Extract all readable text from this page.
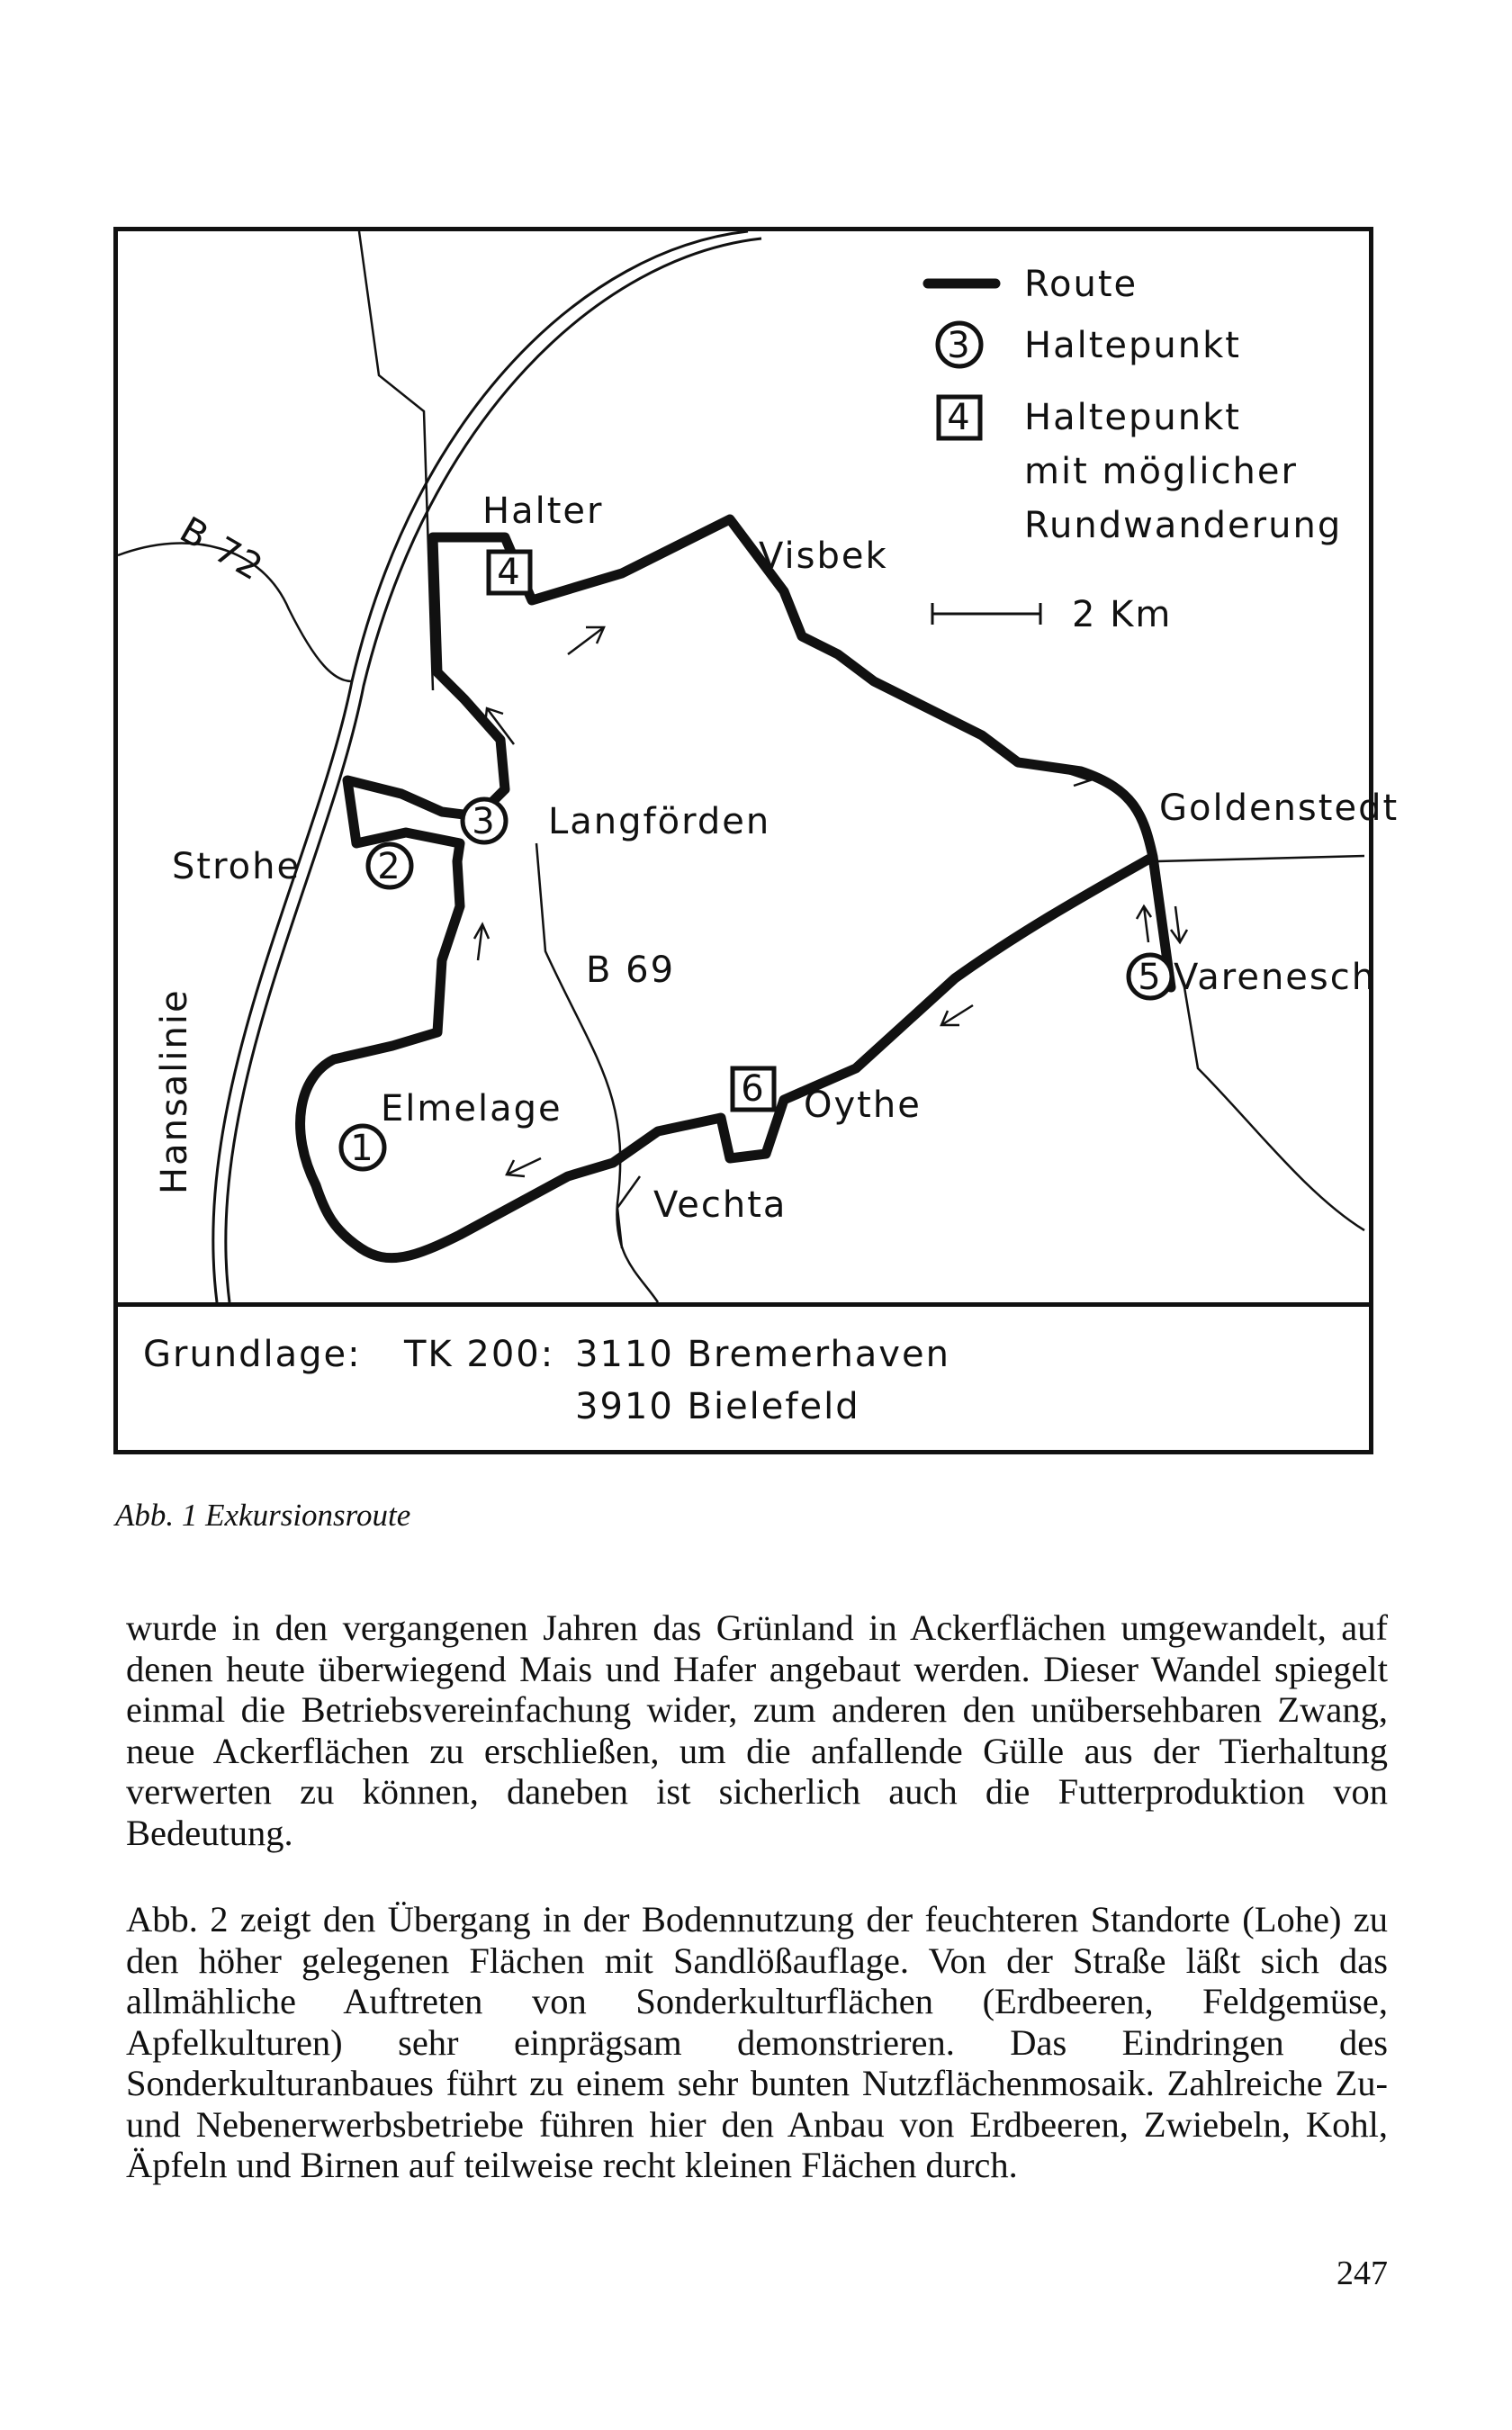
1
2
3
4
5
6
Route
3 Haltepunkt
4 Haltepunkt
mit möglicher
Rundwanderung
2 Km
Halter
Visbek
Langförden	Goldenstedt
Strohe
Varenesch
Elmelage	Oythe
Vechta
B 72
B 69
Hansalinie
Grundlage: TK 200: 3110 Bremerhaven
3910 Bielefeld
Abb. 1 Exkursionsroute

wurde in den vergangenen Jahren das Grünland in Ackerflächen umgewandelt, auf denen heute überwiegend Mais und Hafer angebaut werden. Dieser Wandel spiegelt einmal die Betriebsvereinfachung wider, zum anderen den unübersehbaren Zwang, neue Ackerflächen zu erschließen, um die anfallende Gülle aus der Tierhaltung verwerten zu können, daneben ist sicherlich auch die Futterproduktion von Bedeutung.

Abb. 2 zeigt den Übergang in der Bodennutzung der feuchteren Standorte (Lohe) zu den höher gelegenen Flächen mit Sandlößauflage. Von der Straße läßt sich das allmähliche Auftreten von Sonderkulturflächen (Erdbeeren, Feldgemüse, Apfelkulturen) sehr einprägsam demonstrieren. Das Eindringen des Sonderkulturanbaues führt zu einem sehr bunten Nutzflächenmosaik. Zahlreiche Zu- und Nebenerwerbsbetriebe führen hier den Anbau von Erdbeeren, Zwiebeln, Kohl, Äpfeln und Birnen auf teilweise recht kleinen Flächen durch.

247
